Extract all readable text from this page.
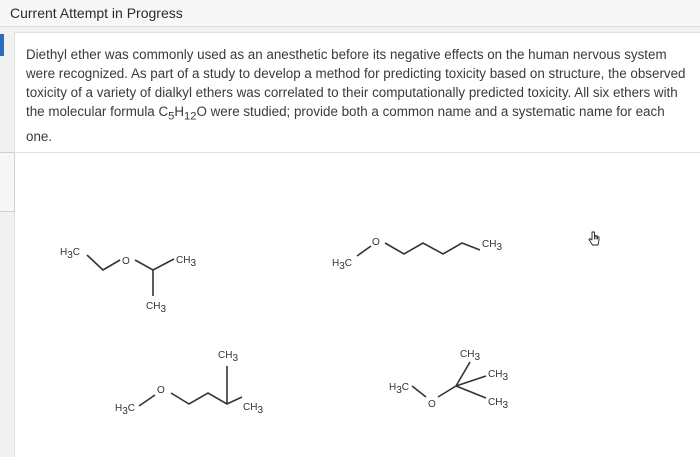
Current Attempt in Progress

Diethyl ether was commonly used as an anesthetic before its negative effects on the human nervous system were recognized. As part of a study to develop a method for predicting toxicity based on structure, the observed toxicity of a variety of dialkyl ethers was correlated to their computationally predicted toxicity. All six ethers with the molecular formula $C_5H_{12}O$ were studied; provide both a common name and a systematic name for each one.

H3C
O	CH3
CH3
H3C
O	CH3
H3C
O
CH3
CH3
H3C
O
CH3
CH3
CH3
